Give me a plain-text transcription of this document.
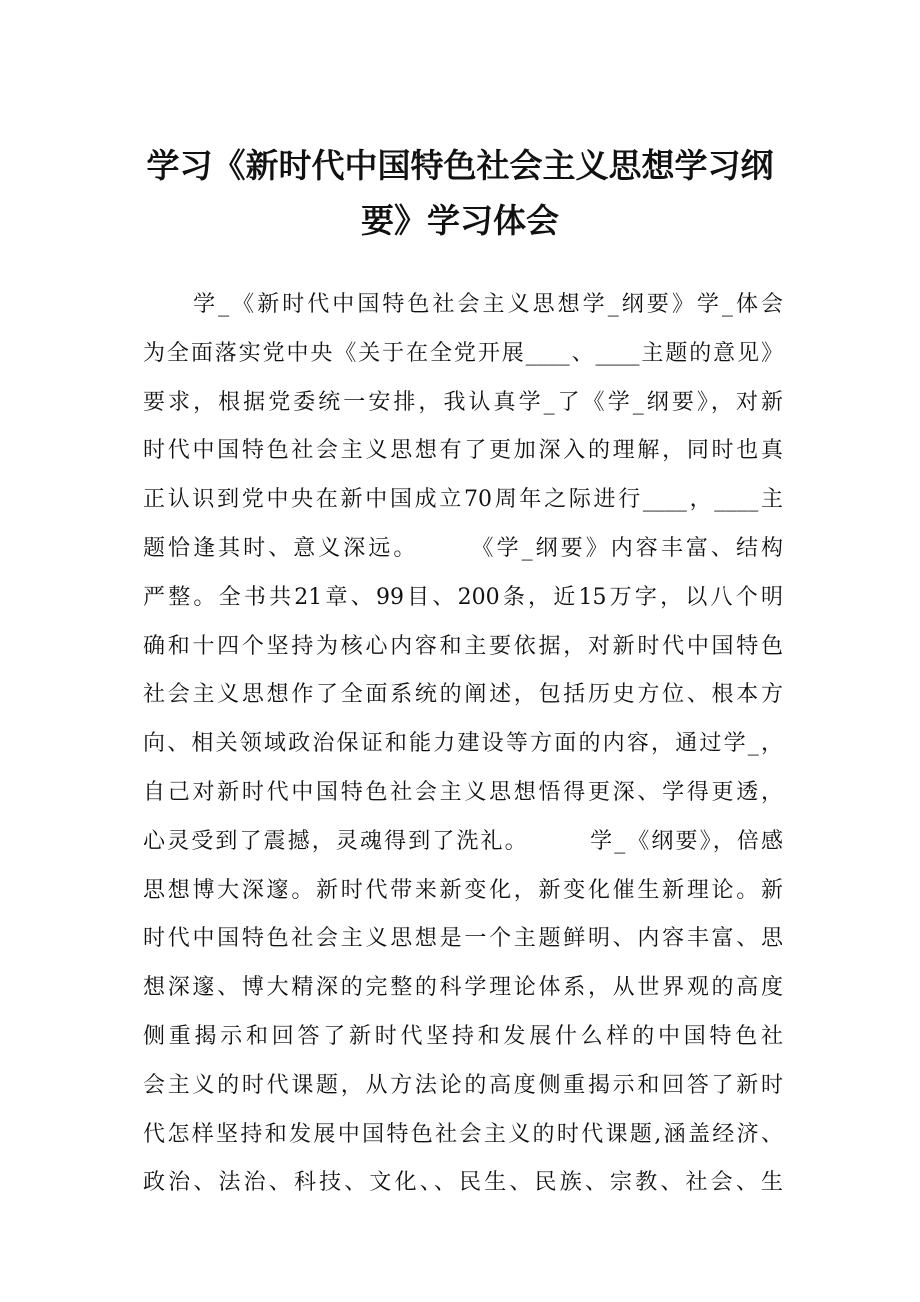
学习《新时代中国特色社会主义思想学习纲
要》学习体会
　　学_《新时代中国特色社会主义思想学_纲要》学_体会
为全面落实党中央《关于在全党开展____、____主题的意见》
要求，根据党委统一安排，我认真学_了《学_纲要》，对新
时代中国特色社会主义思想有了更加深入的理解，同时也真
正认识到党中央在新中国成立70周年之际进行____，____主
题恰逢其时、意义深远。　　　《学_纲要》内容丰富、结构
严整。全书共21章、99目、200条，近15万字，以八个明
确和十四个坚持为核心内容和主要依据，对新时代中国特色
社会主义思想作了全面系统的阐述，包括历史方位、根本方
向、相关领域政治保证和能力建设等方面的内容，通过学_，
自己对新时代中国特色社会主义思想悟得更深、学得更透，
心灵受到了震撼，灵魂得到了洗礼。　　　学_《纲要》，倍感
思想博大深邃。新时代带来新变化，新变化催生新理论。新
时代中国特色社会主义思想是一个主题鲜明、内容丰富、思
想深邃、博大精深的完整的科学理论体系，从世界观的高度
侧重揭示和回答了新时代坚持和发展什么样的中国特色社
会主义的时代课题，从方法论的高度侧重揭示和回答了新时
代怎样坚持和发展中国特色社会主义的时代课题,涵盖经济、
政治、法治、科技、文化、、民生、民族、宗教、社会、生
